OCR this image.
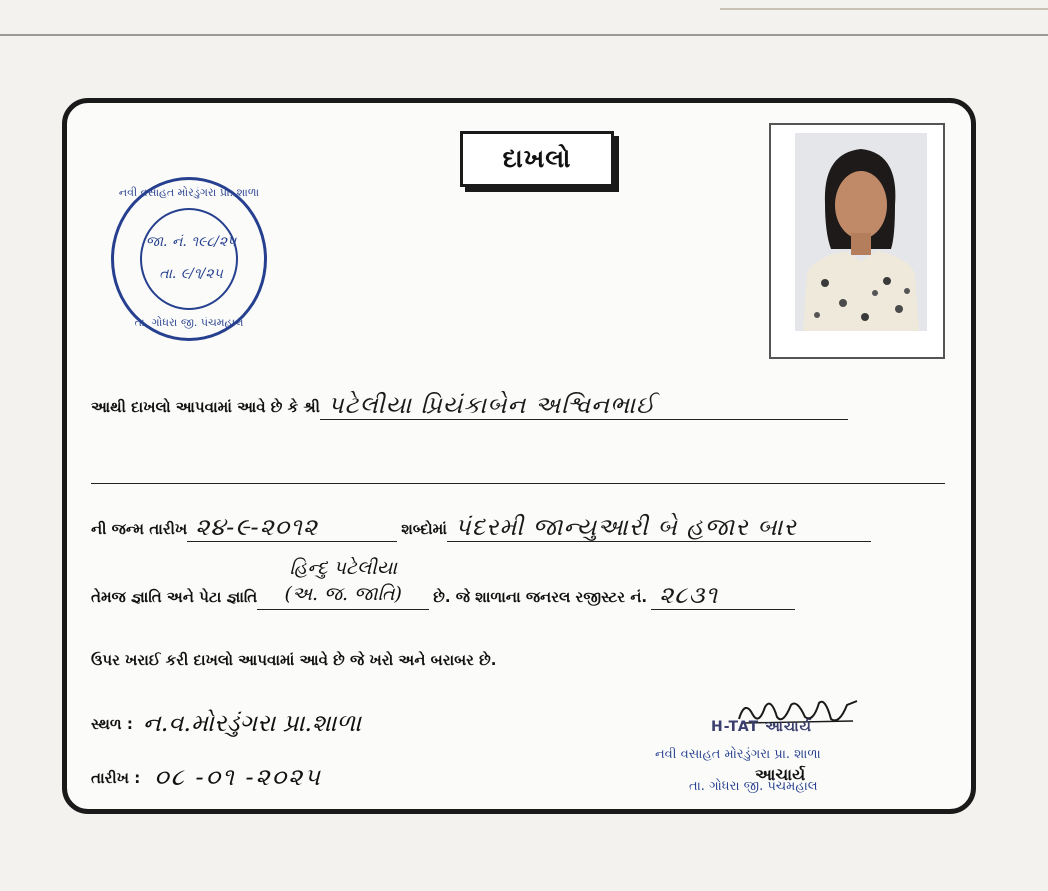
દાખલો
નવી વસાહત મોરડુંગરા પ્રા. શાળા
જા. નં. ૧૯૮/૨૫
તા. ૯/૧/૨૫
તા. ગોધરા જી. પંચમહાલ
આથી દાખલો આપવામાં આવે છે કે શ્રી પટેલીયા પ્રિયંકાબેન અશ્વિનભાઈ
ની જન્મ તારીખ ૨૪-૯-૨૦૧૨	શબ્દોમાં પંદરમી જાન્યુઆરી બે હજાર બાર
તેમજ જ્ઞાતિ અને પેટા જ્ઞાતિ
હિન્દુ પટેલીયા
(અ. જ. જાતિ)	છે. જે શાળાના જનરલ રજીસ્ટર નં. ૨૮૩૧
ઉપર ખરાઈ કરી દાખલો આપવામાં આવે છે જે ખરો અને બરાબર છે.
સ્થળ : ન.વ.મોરડુંગરા પ્રા.શાળા
તારીખ : ૦૮ -૦૧ -૨૦૨૫
H-TAT આચાર્ય
નવી વસાહત મોરડુંગરા પ્રા. શાળા
આચાર્ય
તા. ગોધરા જી. પંચમહાલ
